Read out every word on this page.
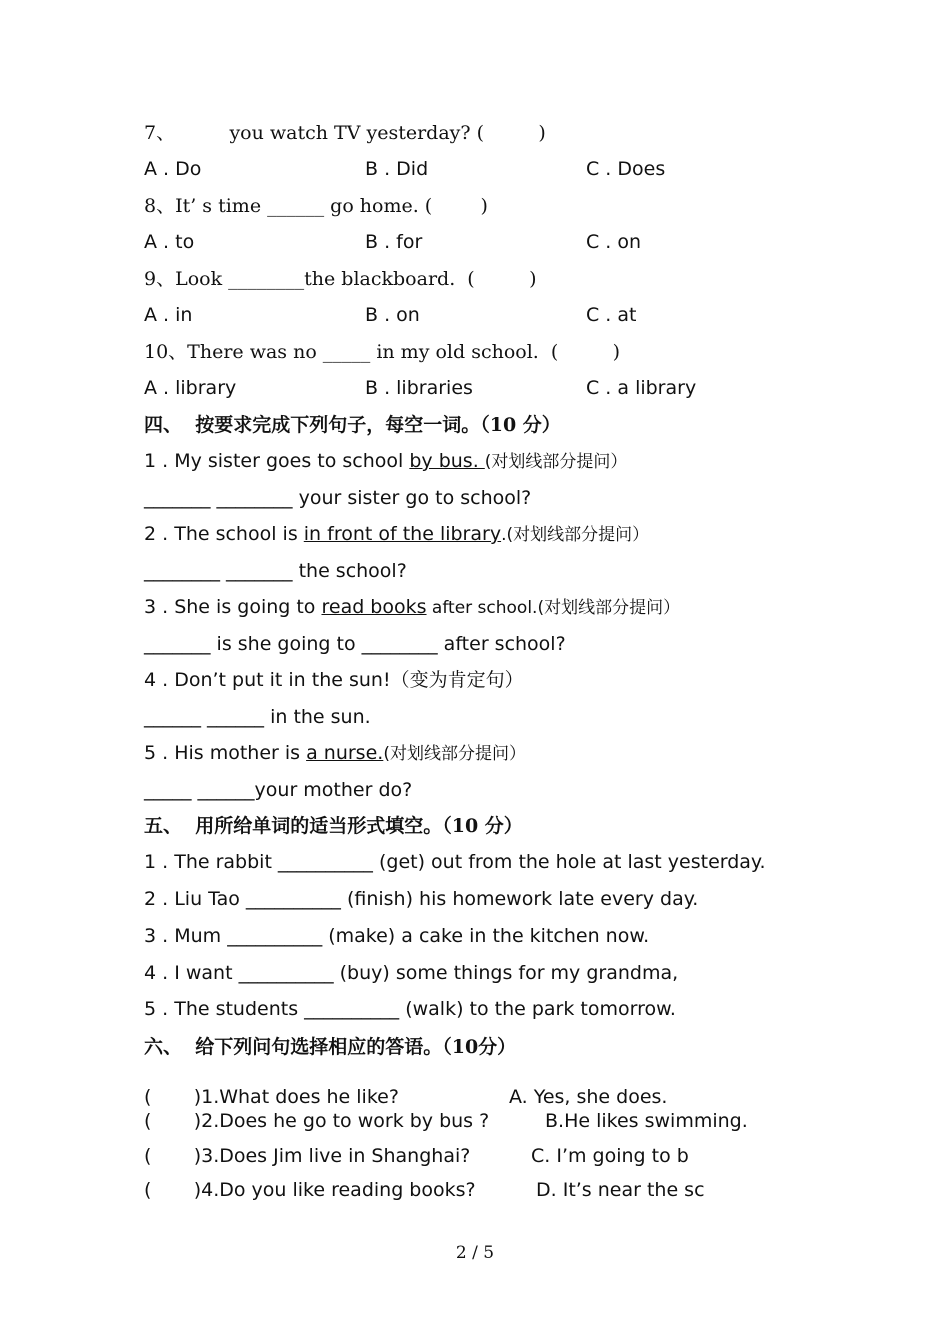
7、         you watch TV yesterday? (         )
A . Do	B . Did	C . Does
8、It’ s time ______ go home. (        )
A . to	B . for	C . on
9、Look ________the blackboard.  (         )
A . in	B . on	C . at
10、There was no _____ in my old school.  (         )
A . library	B . libraries	C . a library
四、  按要求完成下列句子，每空一词。（10 分）
1 . My sister goes to school by bus. (对划线部分提问）
_______ ________ your sister go to school?
2 . The school is in front of the library.(对划线部分提问）
________ _______ the school?
3 . She is going to read books after school.(对划线部分提问）
_______ is she going to ________ after school?
4 . Don’t put it in the sun!（变为肯定句）
______ ______ in the sun.
5 . His mother is a nurse.(对划线部分提问）
_____ ______your mother do?
五、  用所给单词的适当形式填空。（10 分）
1 . The rabbit __________ (get) out from the hole at last yesterday.
2 . Liu Tao __________ (finish) his homework late every day.
3 . Mum __________ (make) a cake in the kitchen now.
4 . I want __________ (buy) some things for my grandma,
5 . The students __________ (walk) to the park tomorrow.
六、  给下列问句选择相应的答语。（10分）
(       )1.What does he like?	A. Yes, she does.
(       )2.Does he go to work by bus ?	B.He likes swimming.
(       )3.Does Jim live in Shanghai?	C. I’m going to b
(       )4.Do you like reading books?	D. It’s near the sc
2 / 5
